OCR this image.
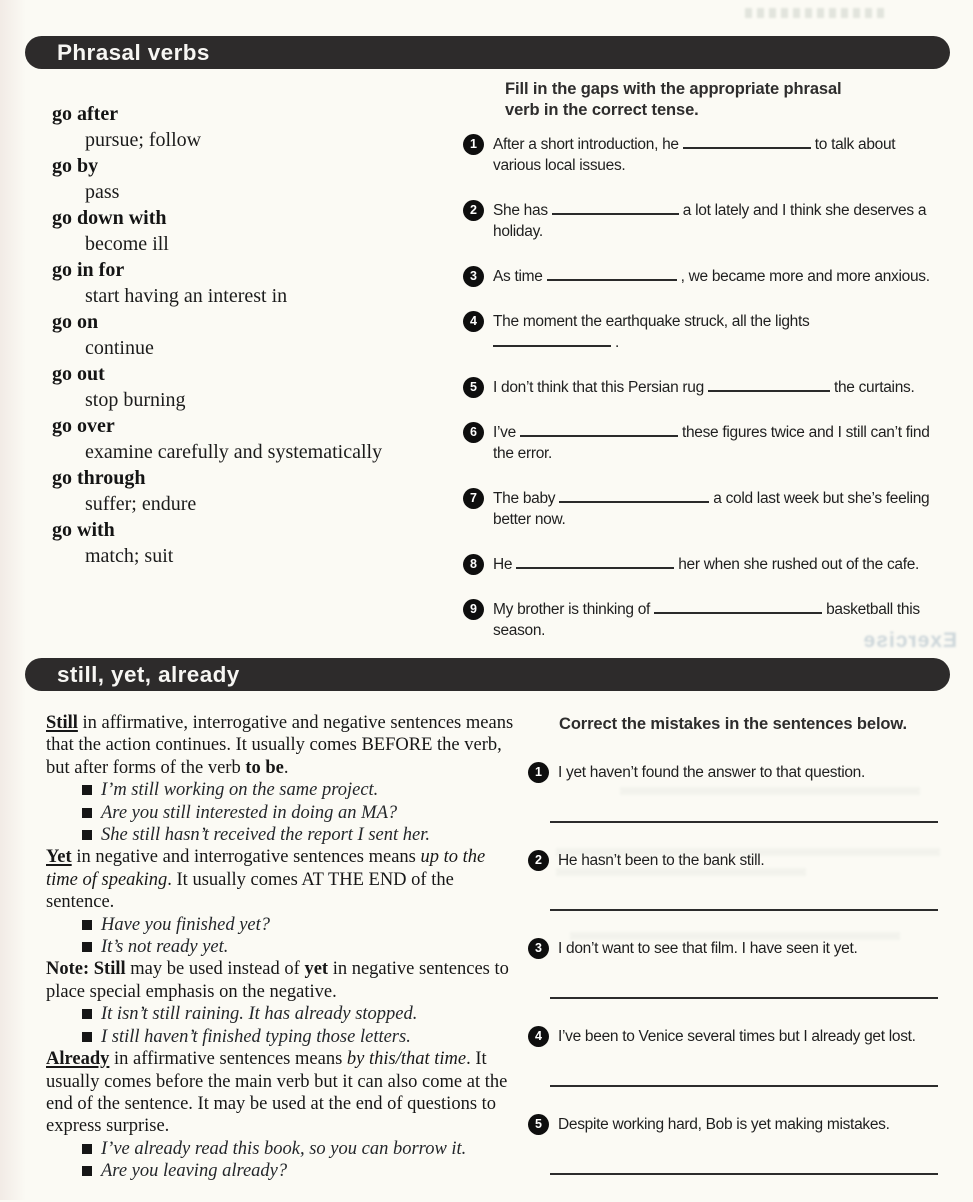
Exercise
Phrasal verbs
go after
pursue; follow
go by
pass
go down with
become ill
go in for
start having an interest in
go on
continue
go out
stop burning
go over
examine carefully and systematically
go through
suffer; endure
go with
match; suit
Fill in the gaps with the appropriate phrasal
verb in the correct tense.
1	After a short introduction, he	to talk about
various local issues.
2	She has	a lot lately and I think she deserves a
holiday.
3	As time	, we became more and more anxious.
4	The moment the earthquake struck, all the lights
.
5	I don’t think that this Persian rug	the curtains.
6	I’ve	these figures twice and I still can’t find
the error.
7	The baby	a cold last week but she’s feeling
better now.
8	He	her when she rushed out of the cafe.
9	My brother is thinking of	basketball this
season.
still, yet, already
Still in affirmative, interrogative and negative sentences means that the action continues. It usually comes BEFORE the verb, but after forms of the verb to be.
I’m still working on the same project.
Are you still interested in doing an MA?
She still hasn’t received the report I sent her.
Yet in negative and interrogative sentences means up to the time of speaking. It usually comes AT THE END of the sentence.
Have you finished yet?
It’s not ready yet.
Note: Still may be used instead of yet in negative sentences to place special emphasis on the negative.
It isn’t still raining. It has already stopped.
I still haven’t finished typing those letters.
Already in affirmative sentences means by this/that time. It usually comes before the main verb but it can also come at the end of the sentence. It may be used at the end of questions to express surprise.
I’ve already read this book, so you can borrow it.
Are you leaving already?
Correct the mistakes in the sentences below.
1	I yet haven’t found the answer to that question.
2	He hasn’t been to the bank still.
3	I don’t want to see that film. I have seen it yet.
4	I’ve been to Venice several times but I already get lost.
5	Despite working hard, Bob is yet making mistakes.
